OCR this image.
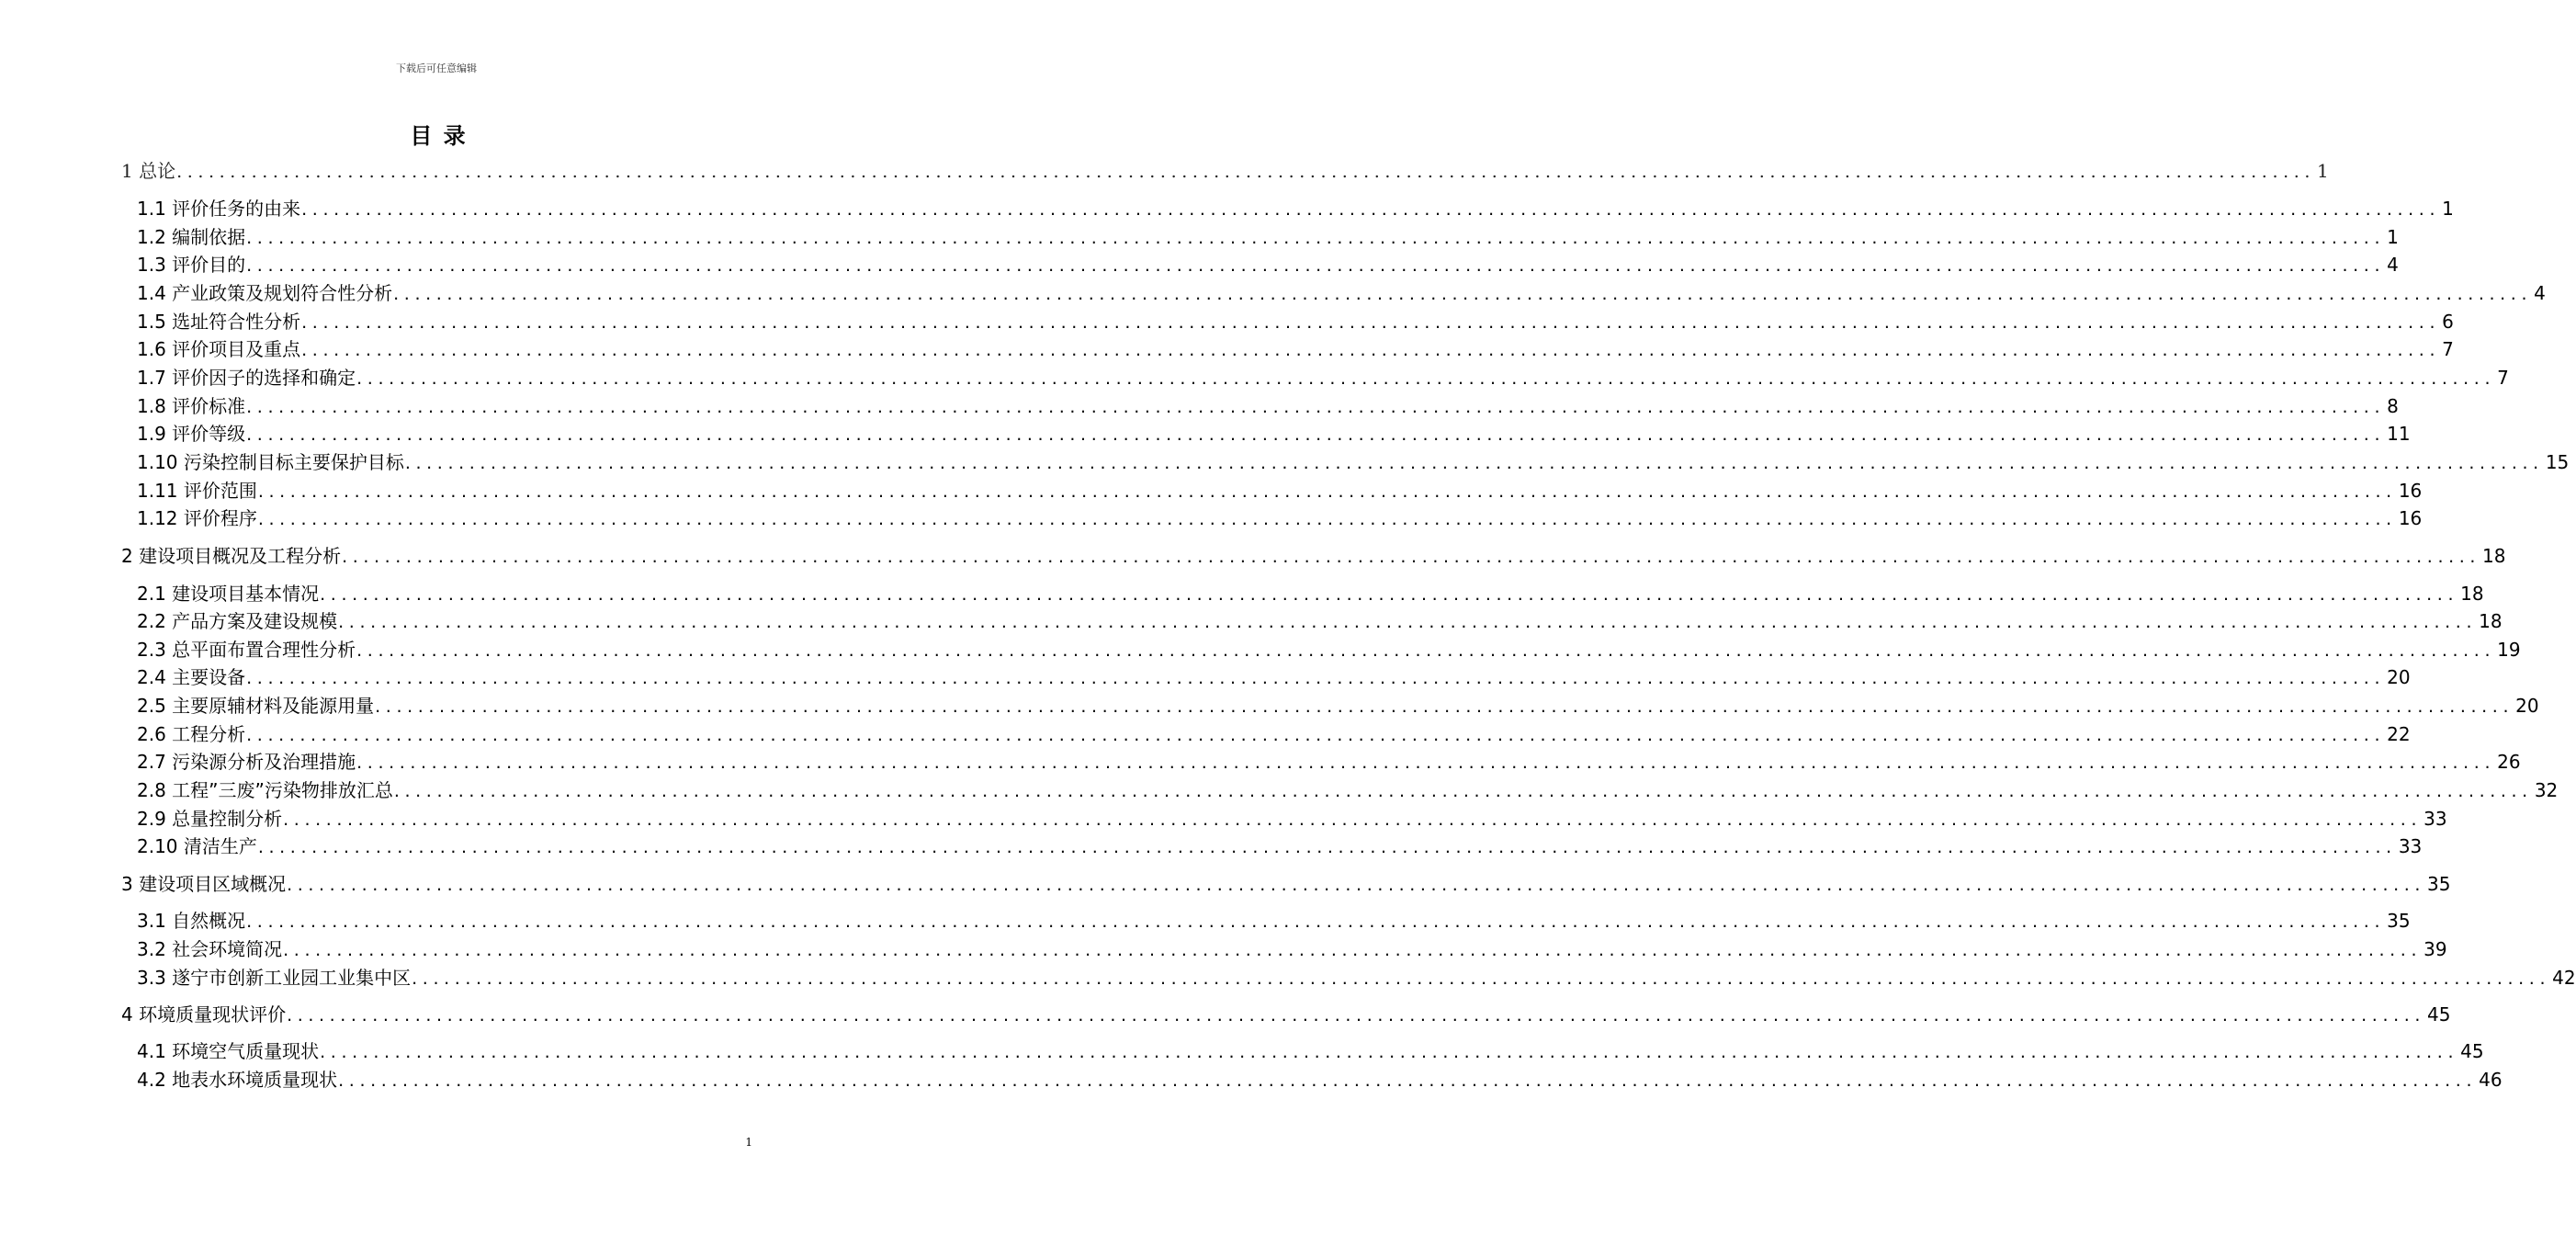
下载后可任意编辑
目 录
1 总论 ........................................................................................................................................................................................................ 1
1.1 评价任务的由来 ........................................................................................................................................................................................................ 1
1.2 编制依据 ........................................................................................................................................................................................................ 1
1.3 评价目的 ........................................................................................................................................................................................................ 4
1.4 产业政策及规划符合性分析 ........................................................................................................................................................................................................ 4
1.5 选址符合性分析 ........................................................................................................................................................................................................ 6
1.6 评价项目及重点 ........................................................................................................................................................................................................ 7
1.7 评价因子的选择和确定 ........................................................................................................................................................................................................ 7
1.8 评价标准 ........................................................................................................................................................................................................ 8
1.9 评价等级 ........................................................................................................................................................................................................ 11
1.10 污染控制目标主要保护目标 ........................................................................................................................................................................................................ 15
1.11 评价范围 ........................................................................................................................................................................................................ 16
1.12 评价程序 ........................................................................................................................................................................................................ 16
2 建设项目概况及工程分析 ........................................................................................................................................................................................................ 18
2.1 建设项目基本情况 ........................................................................................................................................................................................................ 18
2.2 产品方案及建设规模 ........................................................................................................................................................................................................ 18
2.3 总平面布置合理性分析 ........................................................................................................................................................................................................ 19
2.4 主要设备 ........................................................................................................................................................................................................ 20
2.5 主要原辅材料及能源用量 ........................................................................................................................................................................................................ 20
2.6 工程分析 ........................................................................................................................................................................................................ 22
2.7 污染源分析及治理措施 ........................................................................................................................................................................................................ 26
2.8 工程”三废”污染物排放汇总 ........................................................................................................................................................................................................ 32
2.9 总量控制分析 ........................................................................................................................................................................................................ 33
2.10 清洁生产 ........................................................................................................................................................................................................ 33
3 建设项目区域概况 ........................................................................................................................................................................................................ 35
3.1 自然概况 ........................................................................................................................................................................................................ 35
3.2 社会环境简况 ........................................................................................................................................................................................................ 39
3.3 遂宁市创新工业园工业集中区 ........................................................................................................................................................................................................ 42
4 环境质量现状评价 ........................................................................................................................................................................................................ 45
4.1 环境空气质量现状 ........................................................................................................................................................................................................ 45
4.2 地表水环境质量现状 ........................................................................................................................................................................................................ 46
1
